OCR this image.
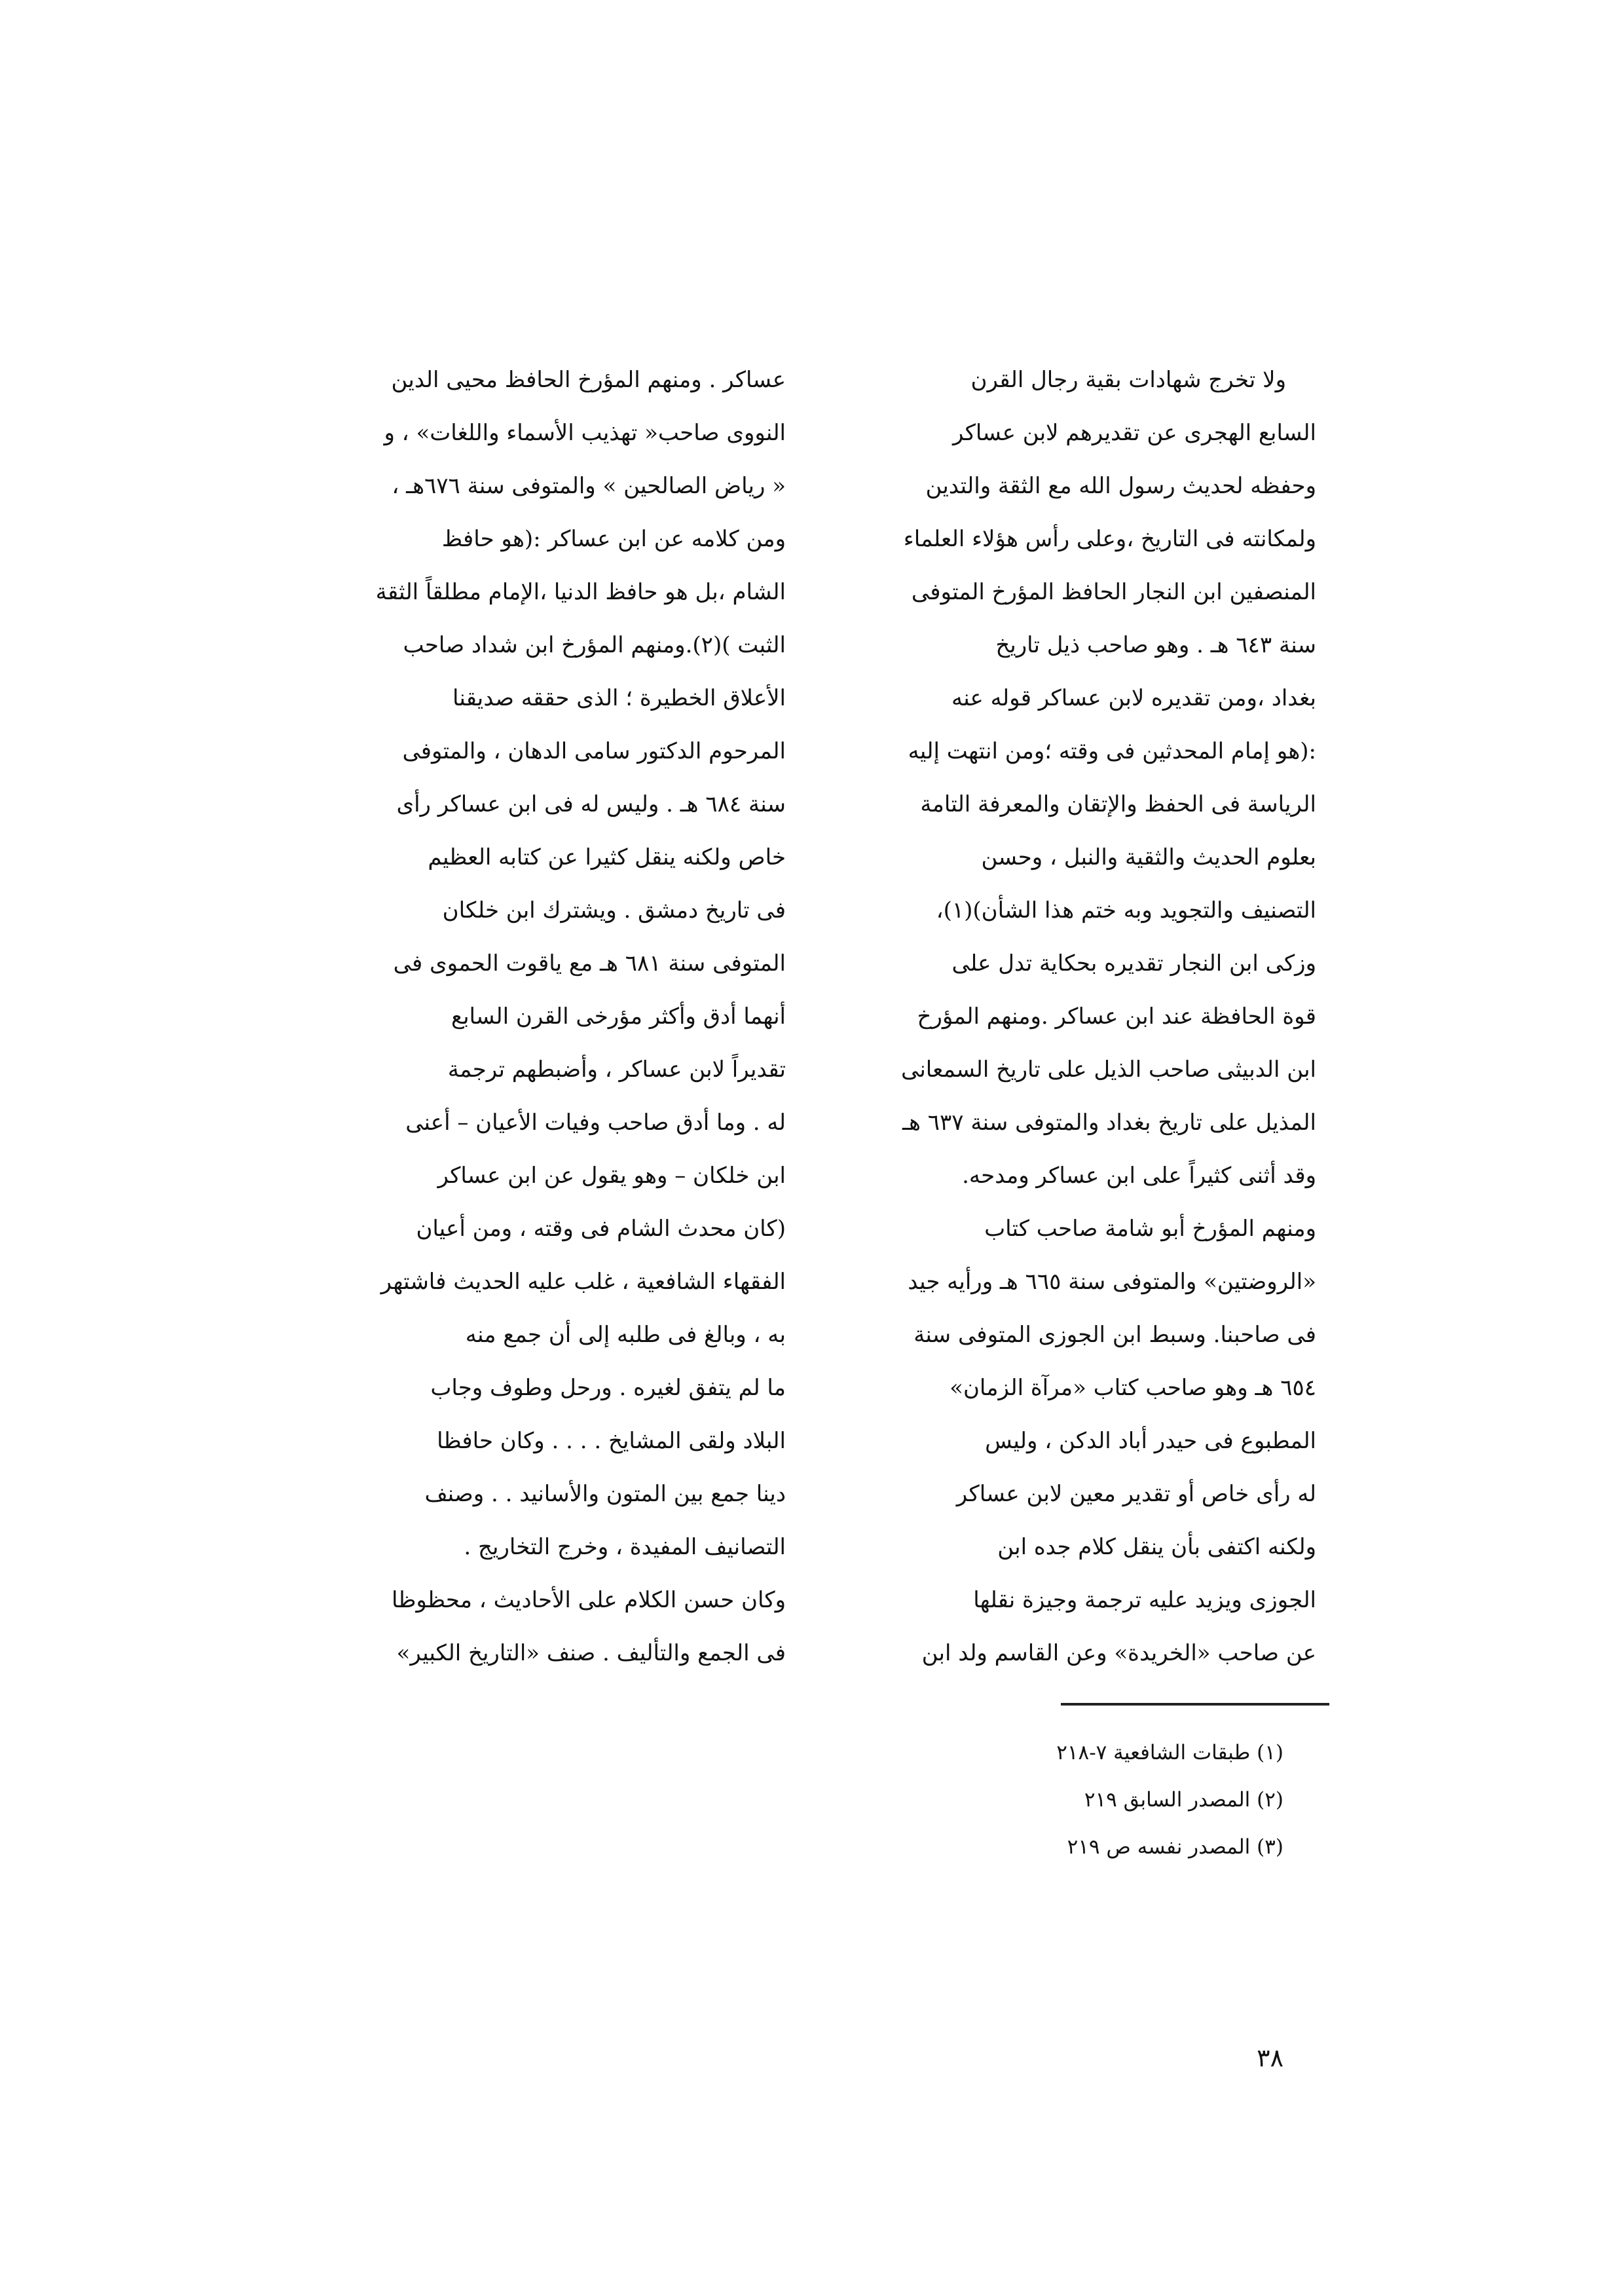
ولا تخرج شهادات بقية رجال القرن
السابع الهجرى عن تقديرهم لابن عساكر
وحفظه لحديث رسول الله مع الثقة والتدين
ولمكانته فى التاريخ ،وعلى رأس هؤلاء العلماء
المنصفين ابن النجار الحافظ المؤرخ المتوفى
سنة ٦٤٣ هـ . وهو صاحب ذيل تاريخ
بغداد ،ومن تقديره لابن عساكر قوله عنه
:(هو إمام المحدثين فى وقته ؛ومن انتهت إليه
الرياسة فى الحفظ والإتقان والمعرفة التامة
بعلوم الحديث والثقية والنبل ، وحسن
التصنيف والتجويد وبه ختم هذا الشأن)(١)،
وزكى ابن النجار تقديره بحكاية تدل على
قوة الحافظة عند ابن عساكر .ومنهم المؤرخ
ابن الدبيثى صاحب الذيل على تاريخ السمعانى
المذيل على تاريخ بغداد والمتوفى سنة ٦٣٧ هـ
وقد أثنى كثيراً على ابن عساكر ومدحه.
ومنهم المؤرخ أبو شامة صاحب كتاب
«الروضتين» والمتوفى سنة ٦٦٥ هـ ورأيه جيد
فى صاحبنا. وسبط ابن الجوزى المتوفى سنة
٦٥٤ هـ وهو صاحب كتاب «مرآة الزمان»
المطبوع فى حيدر أباد الدكن ، وليس
له رأى خاص أو تقدير معين لابن عساكر
ولكنه اكتفى بأن ينقل كلام جده ابن
الجوزى ويزيد عليه ترجمة وجيزة نقلها
عن صاحب «الخريدة» وعن القاسم ولد ابن
عساكر . ومنهم المؤرخ الحافظ محيى الدين
النووى صاحب« تهذيب الأسماء واللغات» ، و
« رياض الصالحين » والمتوفى سنة ٦٧٦هـ ،
ومن كلامه عن ابن عساكر :(هو حافظ
الشام ،بل هو حافظ الدنيا ،الإمام مطلقاً الثقة
الثبت )(٢).ومنهم المؤرخ ابن شداد صاحب
الأعلاق الخطيرة ؛ الذى حققه صديقنا
المرحوم الدكتور سامى الدهان ، والمتوفى
سنة ٦٨٤ هـ . وليس له فى ابن عساكر رأى
خاص ولكنه ينقل كثيرا عن كتابه العظيم
فى تاريخ دمشق . ويشترك ابن خلكان
المتوفى سنة ٦٨١ هـ مع ياقوت الحموى فى
أنهما أدق وأكثر مؤرخى القرن السابع
تقديراً لابن عساكر ، وأضبطهم ترجمة
له . وما أدق صاحب وفيات الأعيان – أعنى
ابن خلكان – وهو يقول عن ابن عساكر
(كان محدث الشام فى وقته ، ومن أعيان
الفقهاء الشافعية ، غلب عليه الحديث فاشتهر
به ، وبالغ فى طلبه إلى أن جمع منه
ما لم يتفق لغيره . ورحل وطوف وجاب
البلاد ولقى المشايخ . . . . وكان حافظا
دينا جمع بين المتون والأسانيد . . وصنف
التصانيف المفيدة ، وخرج التخاريج .
وكان حسن الكلام على الأحاديث ، محظوظا
فى الجمع والتأليف . صنف «التاريخ الكبير»
(١) طبقات الشافعية ٧-٢١٨
(٢) المصدر السابق ٢١٩
(٣) المصدر نفسه ص ٢١٩
٣٨
